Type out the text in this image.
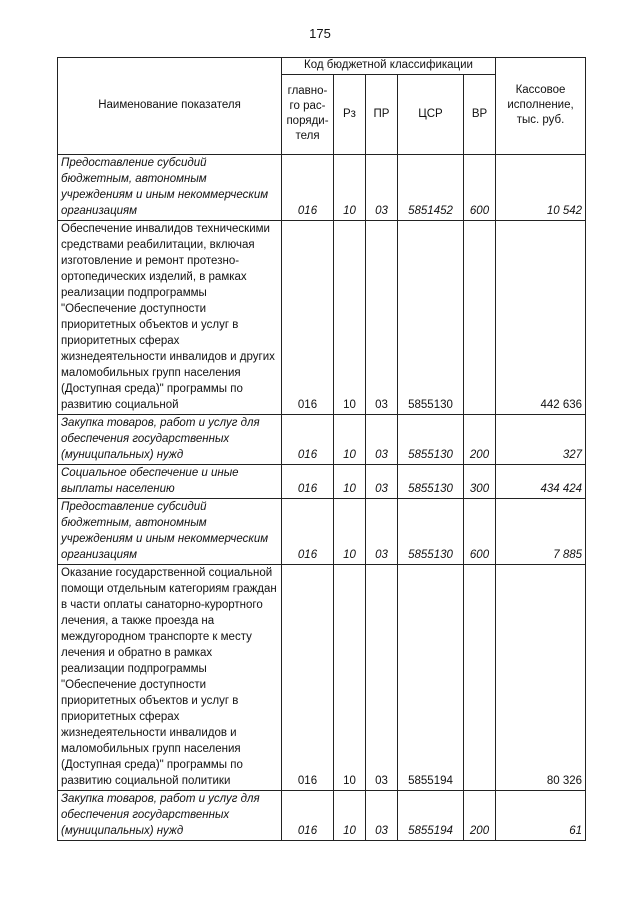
175
Наименование показателя	Код бюджетной классификации					Кассовое исполнение, тыс. руб.
	главно-го рас-поряди-теля	Рз	ПР	ЦСР	ВР	
Предоставление субсидий бюджетным, автономным учреждениям и иным некоммерческим организациям	016	10	03	5851452	600	10 542
Обеспечение инвалидов техническими средствами реабилитации, включая изготовление и ремонт протезно-ортопедических изделий, в рамках реализации подпрограммы "Обеспечение доступности приоритетных объектов и услуг в приоритетных сферах жизнедеятельности инвалидов и других маломобильных групп населения (Доступная среда)" программы по развитию социальной	016	10	03	5855130		442 636
Закупка товаров, работ и услуг для обеспечения государственных (муниципальных) нужд	016	10	03	5855130	200	327
Социальное обеспечение и иные выплаты населению	016	10	03	5855130	300	434 424
Предоставление субсидий бюджетным, автономным учреждениям и иным некоммерческим организациям	016	10	03	5855130	600	7 885
Оказание государственной социальной помощи отдельным категориям граждан в части оплаты санаторно-курортного лечения, а также проезда на междугородном транспорте к месту лечения и обратно в рамках реализации подпрограммы "Обеспечение доступности приоритетных объектов и услуг в приоритетных сферах жизнедеятельности инвалидов и маломобильных групп населения (Доступная среда)" программы по развитию социальной политики	016	10	03	5855194		80 326
Закупка товаров, работ и услуг для обеспечения государственных (муниципальных) нужд	016	10	03	5855194	200	61
